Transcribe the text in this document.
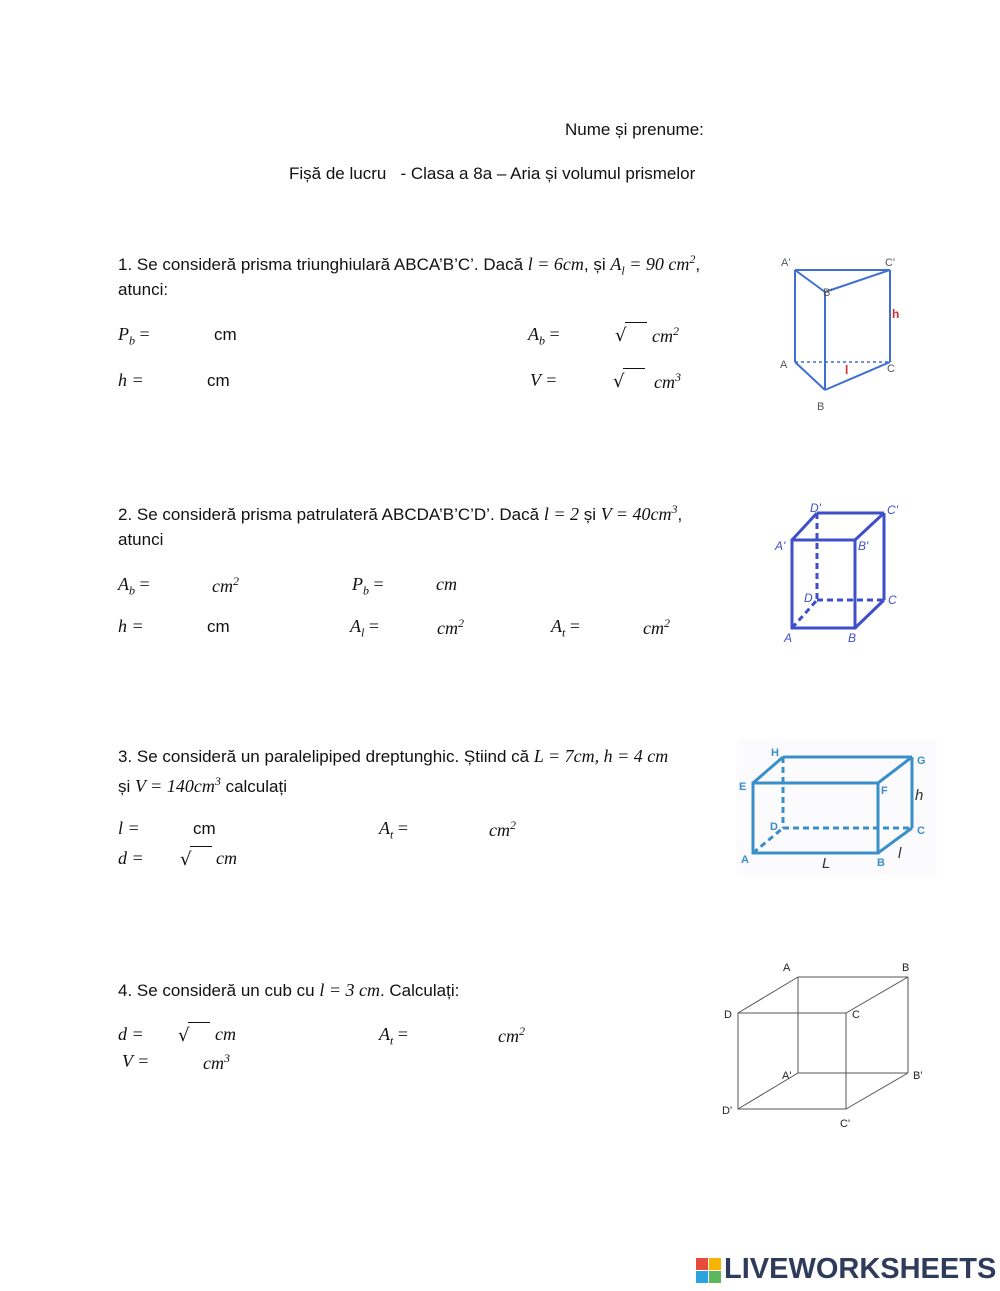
Nume și prenume:
Fișă de lucru   - Clasa a 8a – Aria și volumul prismelor
1. Se consideră prisma triunghiulară ABCA’B’C’. Dacă l = 6cm, și $A_l = 90$ $cm^2$,
atunci:
$P_b$ =	cm	$A_b$ =	√	$cm^2$
h =	cm	V =	√	$cm^3$
A'
B'
C'
h
A	l	C
B
2. Se consideră prisma patrulateră ABCDA’B’C’D’. Dacă l = 2 și $V = 40cm^3$,
atunci
$A_b$ =	$cm^2$	$P_b$ =	cm
h =	cm	$A_l$ =	$cm^2$	$A_t$ =	$cm^2$
D'	C'
A'	B'
D	C
A	B
3. Se consideră un paralelipiped dreptunghic. Știind că L = 7cm, h = 4 cm
și $V = 140cm^3$ calculați
l =	cm	$A_t$ =	$cm^2$
d = √	cm
H
G
E	F h
D	C
A	L	B
l
4. Se consideră un cub cu l = 3 cm. Calculați:
d = √	cm	$A_t$ =	$cm^2$
V =	$cm^3$
A	B
D	C
A'	B'
D'
C'
LIVEWORKSHEETS
